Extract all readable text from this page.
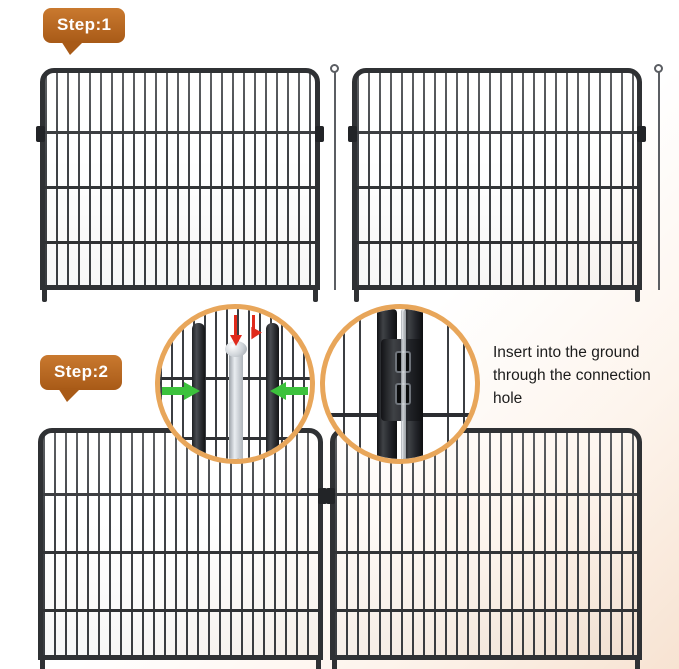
Step:1
Step:2
Insert into the ground through the connection hole
